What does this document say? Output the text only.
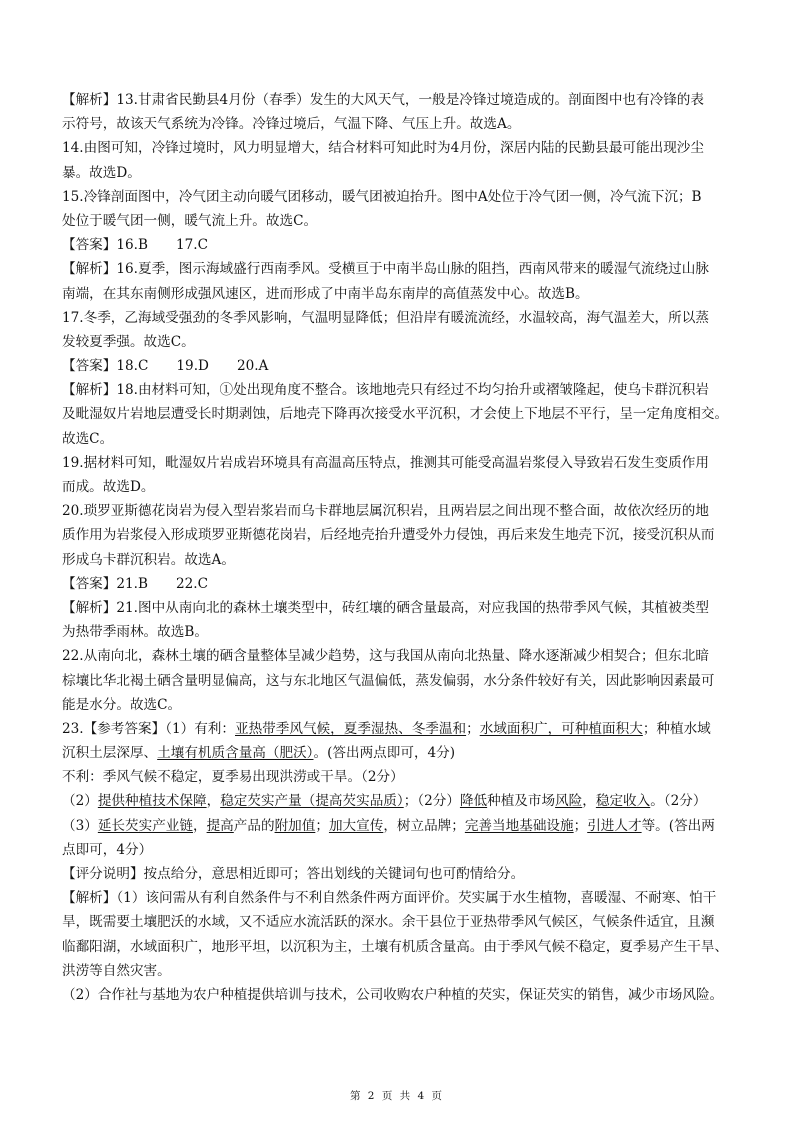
【解析】13.甘肃省民勤县4月份（春季）发生的大风天气，一般是冷锋过境造成的。剖面图中也有冷锋的表
示符号，故该天气系统为冷锋。冷锋过境后，气温下降、气压上升。故选A。
14.由图可知，冷锋过境时，风力明显增大，结合材料可知此时为4月份，深居内陆的民勤县最可能出现沙尘
暴。故选D。
15.冷锋剖面图中，冷气团主动向暖气团移动，暖气团被迫抬升。图中A处位于冷气团一侧，冷气流下沉；B
处位于暖气团一侧，暖气流上升。故选C。
【答案】16.B 17.C
【解析】16.夏季，图示海域盛行西南季风。受横亘于中南半岛山脉的阻挡，西南风带来的暖湿气流绕过山脉
南端，在其东南侧形成强风速区，进而形成了中南半岛东南岸的高值蒸发中心。故选B。
17.冬季，乙海域受强劲的冬季风影响，气温明显降低；但沿岸有暖流流经，水温较高，海气温差大，所以蒸
发较夏季强。故选C。
【答案】18.C 19.D 20.A
【解析】18.由材料可知，①处出现角度不整合。该地地壳只有经过不均匀抬升或褶皱隆起，使乌卡群沉积岩
及毗湿奴片岩地层遭受长时期剥蚀，后地壳下降再次接受水平沉积，才会使上下地层不平行，呈一定角度相交。
故选C。
19.据材料可知，毗湿奴片岩成岩环境具有高温高压特点，推测其可能受高温岩浆侵入导致岩石发生变质作用
而成。故选D。
20.琐罗亚斯德花岗岩为侵入型岩浆岩而乌卡群地层属沉积岩，且两岩层之间出现不整合面，故依次经历的地
质作用为岩浆侵入形成琐罗亚斯德花岗岩，后经地壳抬升遭受外力侵蚀，再后来发生地壳下沉，接受沉积从而
形成乌卡群沉积岩。故选A。
【答案】21.B 22.C
【解析】21.图中从南向北的森林土壤类型中，砖红壤的硒含量最高，对应我国的热带季风气候，其植被类型
为热带季雨林。故选B。
22.从南向北，森林土壤的硒含量整体呈减少趋势，这与我国从南向北热量、降水逐渐减少相契合；但东北暗
棕壤比华北褐土硒含量明显偏高，这与东北地区气温偏低，蒸发偏弱，水分条件较好有关，因此影响因素最可
能是水分。故选C。
23.【参考答案】（1）有利：亚热带季风气候，夏季湿热、冬季温和；水域面积广，可种植面积大；种植水域
沉积土层深厚、土壤有机质含量高（肥沃）。(答出两点即可，4分)
不利：季风气候不稳定，夏季易出现洪涝或干旱。（2分）
（2）提供种植技术保障，稳定芡实产量（提高芡实品质）；（2分）降低种植及市场风险，稳定收入。（2分）
（3）延长芡实产业链，提高产品的附加值；加大宣传，树立品牌；完善当地基础设施；引进人才等。(答出两
点即可，4分）
【评分说明】按点给分，意思相近即可；答出划线的关键词句也可酌情给分。
【解析】（1）该问需从有利自然条件与不利自然条件两方面评价。芡实属于水生植物，喜暖湿、不耐寒、怕干
旱，既需要土壤肥沃的水域，又不适应水流活跃的深水。余干县位于亚热带季风气候区，气候条件适宜，且濒
临鄱阳湖，水域面积广，地形平坦，以沉积为主，土壤有机质含量高。由于季风气候不稳定，夏季易产生干旱、
洪涝等自然灾害。
（2）合作社与基地为农户种植提供培训与技术，公司收购农户种植的芡实，保证芡实的销售，减少市场风险。
第 2 页 共 4 页
